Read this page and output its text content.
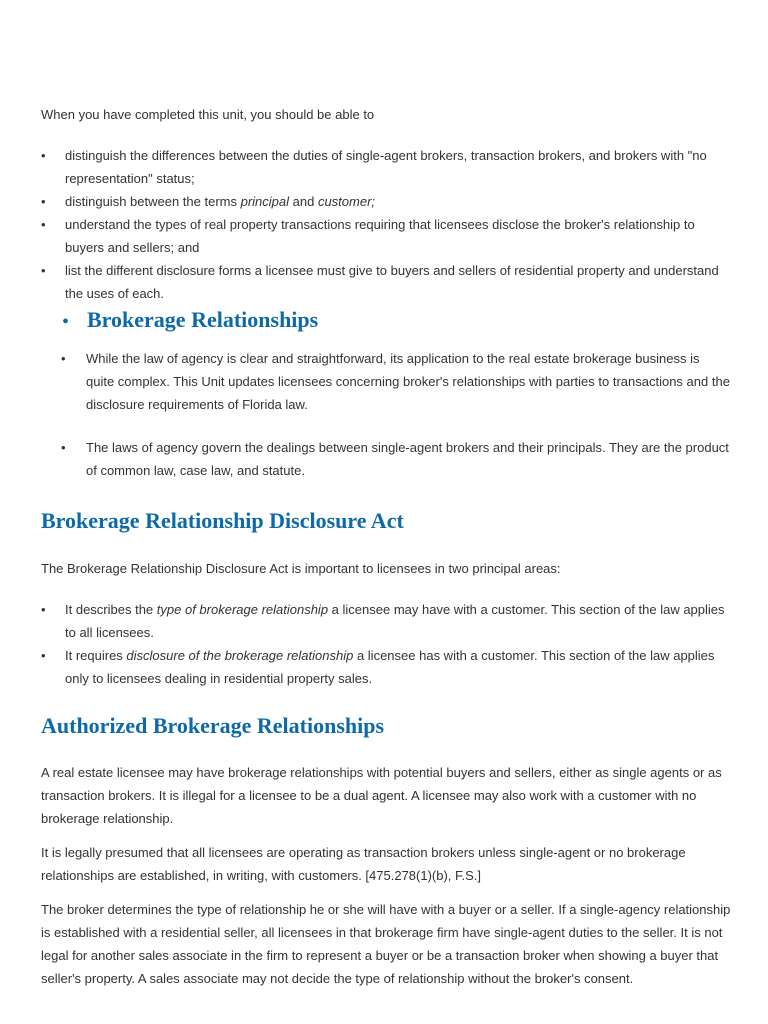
When you have completed this unit, you should be able to

• distinguish the differences between the duties of single-agent brokers, transaction brokers, and brokers with "no representation" status;
• distinguish between the terms principal and customer;
• understand the types of real property transactions requiring that licensees disclose the broker's relationship to buyers and sellers; and
• list the different disclosure forms a licensee must give to buyers and sellers of residential property and understand the uses of each.
• Brokerage Relationships
• While the law of agency is clear and straightforward, its application to the real estate brokerage business is quite complex. This Unit updates licensees concerning broker's relationships with parties to transactions and the disclosure requirements of Florida law.
• The laws of agency govern the dealings between single-agent brokers and their principals. They are the product of common law, case law, and statute.
Brokerage Relationship Disclosure Act

The Brokerage Relationship Disclosure Act is important to licensees in two principal areas:

• It describes the type of brokerage relationship a licensee may have with a customer. This section of the law applies to all licensees.
• It requires disclosure of the brokerage relationship a licensee has with a customer. This section of the law applies only to licensees dealing in residential property sales.
Authorized Brokerage Relationships

A real estate licensee may have brokerage relationships with potential buyers and sellers, either as single agents or as transaction brokers. It is illegal for a licensee to be a dual agent. A licensee may also work with a customer with no brokerage relationship.

It is legally presumed that all licensees are operating as transaction brokers unless single-agent or no brokerage relationships are established, in writing, with customers. [475.278(1)(b), F.S.]

The broker determines the type of relationship he or she will have with a buyer or a seller. If a single-agency relationship is established with a residential seller, all licensees in that brokerage firm have single-agent duties to the seller. It is not legal for another sales associate in the firm to represent a buyer or be a transaction broker when showing a buyer that seller's property. A sales associate may not decide the type of relationship without the broker's consent.
